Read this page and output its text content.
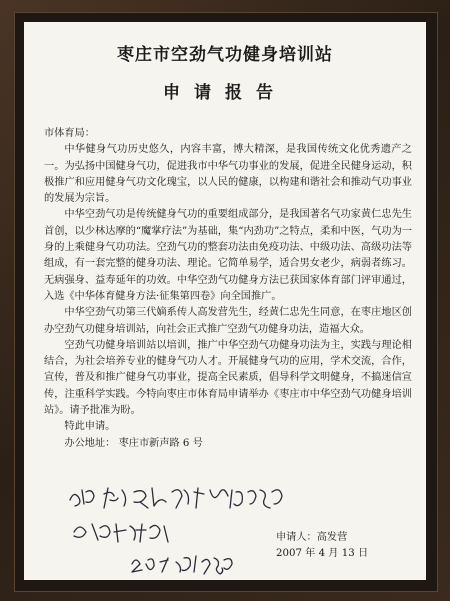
枣庄市空劲气功健身培训站
申请报告

市体育局：

中华健身气功历史悠久，内容丰富，博大精深，是我国传统文化优秀遗产之一。为弘扬中国健身气功，促进我市中华气功事业的发展，促进全民健身运动，积极推广和应用健身气功文化瑰宝，以人民的健康，以构建和谐社会和推动气功事业的发展为宗旨。

中华空劲气功是传统健身气功的重要组成部分，是我国著名气功家黄仁忠先生首创，以少林达摩的“魔掌疗法”为基础，集“内劲功”之特点，柔和中医，气功为一身的上乘健身气功功法。空劲气功的整套功法由免疫功法、中级功法、高级功法等组成，有一套完整的健身功法、理论。它简单易学，适合男女老少，病弱者练习。无病强身、益寿延年的功效。中华空劲气功健身方法已获国家体育部门评审通过，入选《中华体育健身方法·征集第四卷》向全国推广。

中华空劲气功第三代嫡系传人高发营先生，经黄仁忠先生同意，在枣庄地区创办空劲气功健身培训站，向社会正式推广空劲气功健身功法，造福大众。

空劲气功健身培训站以培训，推广中华空劲气功健身功法为主，实践与理论相结合，为社会培养专业的健身气功人才。开展健身气功的应用，学术交流，合作，宣传，普及和推广健身气功事业，提高全民素质，倡导科学文明健身，不搞迷信宣传，注重科学实践。今特向枣庄市体育局申请举办《枣庄市中华空劲气功健身培训站》。请予批准为盼。

特此申请。

办公地址： 枣庄市新声路 6 号

申请人：高发营
2007 年 4 月 13 日
